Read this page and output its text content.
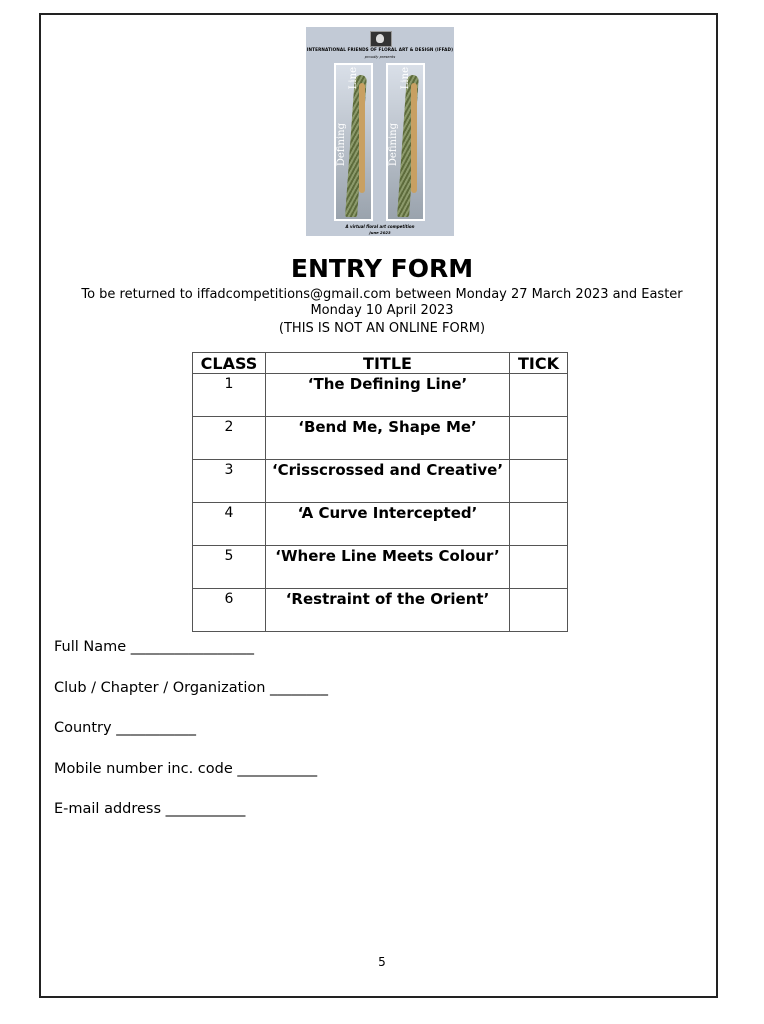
INTERNATIONAL FRIENDS OF FLORAL ART & DESIGN (IFFAD)
proudly presents
Defining
Line
Defining
Line
A virtual floral art competition
June 2023
ENTRY FORM
To be returned to iffadcompetitions@gmail.com between Monday 27 March 2023 and Easter Monday 10 April 2023
(THIS IS NOT AN ONLINE FORM)
CLASS	TITLE	TICK
1	‘The Defining Line’	
2	‘Bend Me, Shape Me’	
3	‘Crisscrossed and Creative’	
4	‘A Curve Intercepted’	
5	‘Where Line Meets Colour’	
6	‘Restraint of the Orient’	
Full Name _________________
Club / Chapter / Organization ________
Country ___________
Mobile number inc. code ___________
E-mail address ___________
5
